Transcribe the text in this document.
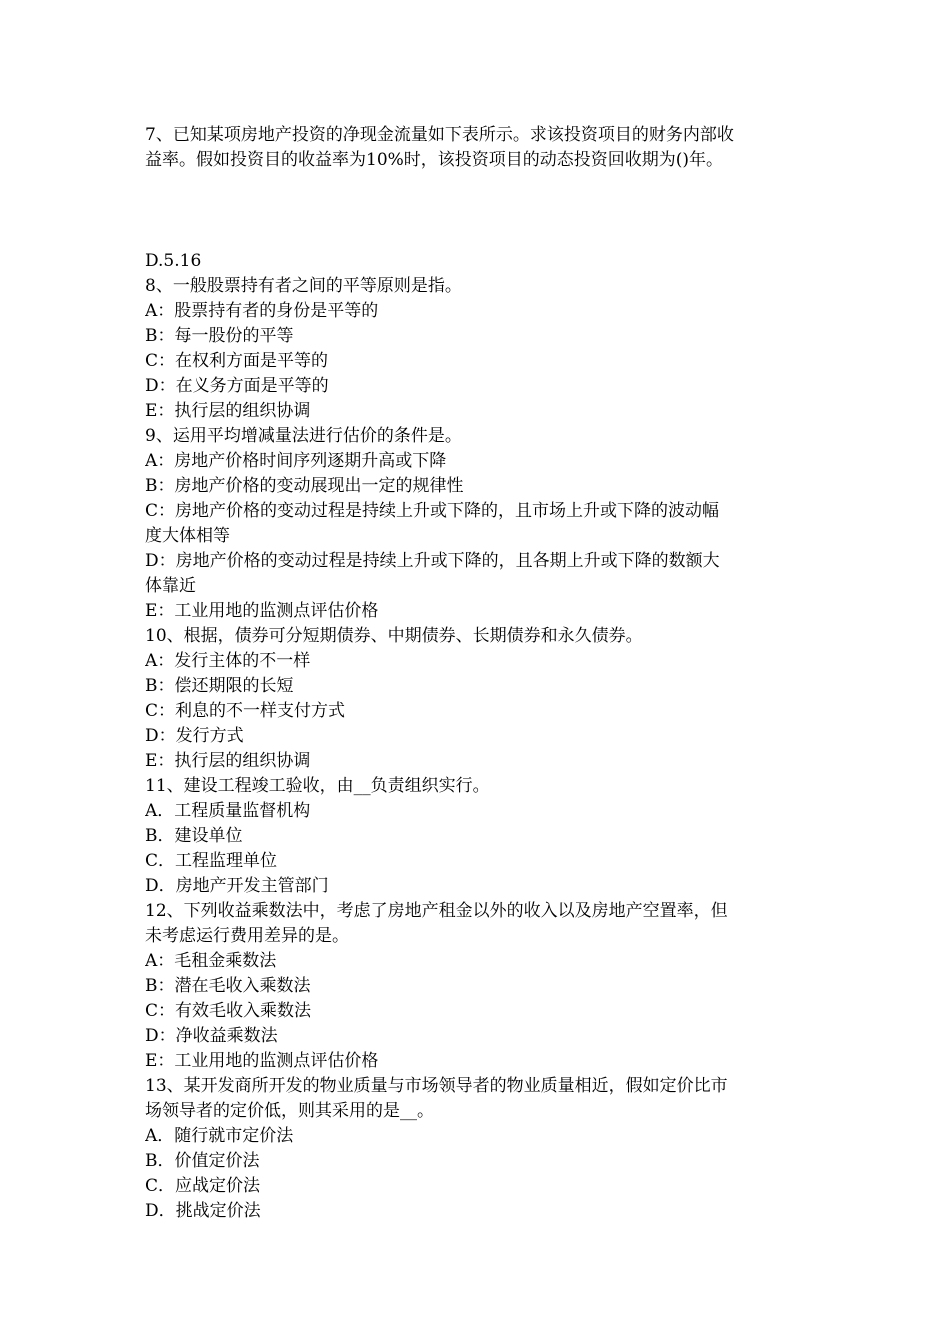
7、已知某项房地产投资的净现金流量如下表所示。求该投资项目的财务内部收
益率。假如投资目的收益率为10%时，该投资项目的动态投资回收期为()年。
D.5.16
8、一般股票持有者之间的平等原则是指。
A：股票持有者的身份是平等的
B：每一股份的平等
C：在权利方面是平等的
D：在义务方面是平等的
E：执行层的组织协调
9、运用平均增减量法进行估价的条件是。
A：房地产价格时间序列逐期升高或下降
B：房地产价格的变动展现出一定的规律性
C：房地产价格的变动过程是持续上升或下降的，且市场上升或下降的波动幅
度大体相等
D：房地产价格的变动过程是持续上升或下降的，且各期上升或下降的数额大
体靠近
E：工业用地的监测点评估价格
10、根据，债券可分短期债券、中期债券、长期债券和永久债券。
A：发行主体的不一样
B：偿还期限的长短
C：利息的不一样支付方式
D：发行方式
E：执行层的组织协调
11、建设工程竣工验收，由__负责组织实行。
A．工程质量监督机构
B．建设单位
C．工程监理单位
D．房地产开发主管部门
12、下列收益乘数法中，考虑了房地产租金以外的收入以及房地产空置率，但
未考虑运行费用差异的是。
A：毛租金乘数法
B：潜在毛收入乘数法
C：有效毛收入乘数法
D：净收益乘数法
E：工业用地的监测点评估价格
13、某开发商所开发的物业质量与市场领导者的物业质量相近，假如定价比市
场领导者的定价低，则其采用的是__。
A．随行就市定价法
B．价值定价法
C．应战定价法
D．挑战定价法
